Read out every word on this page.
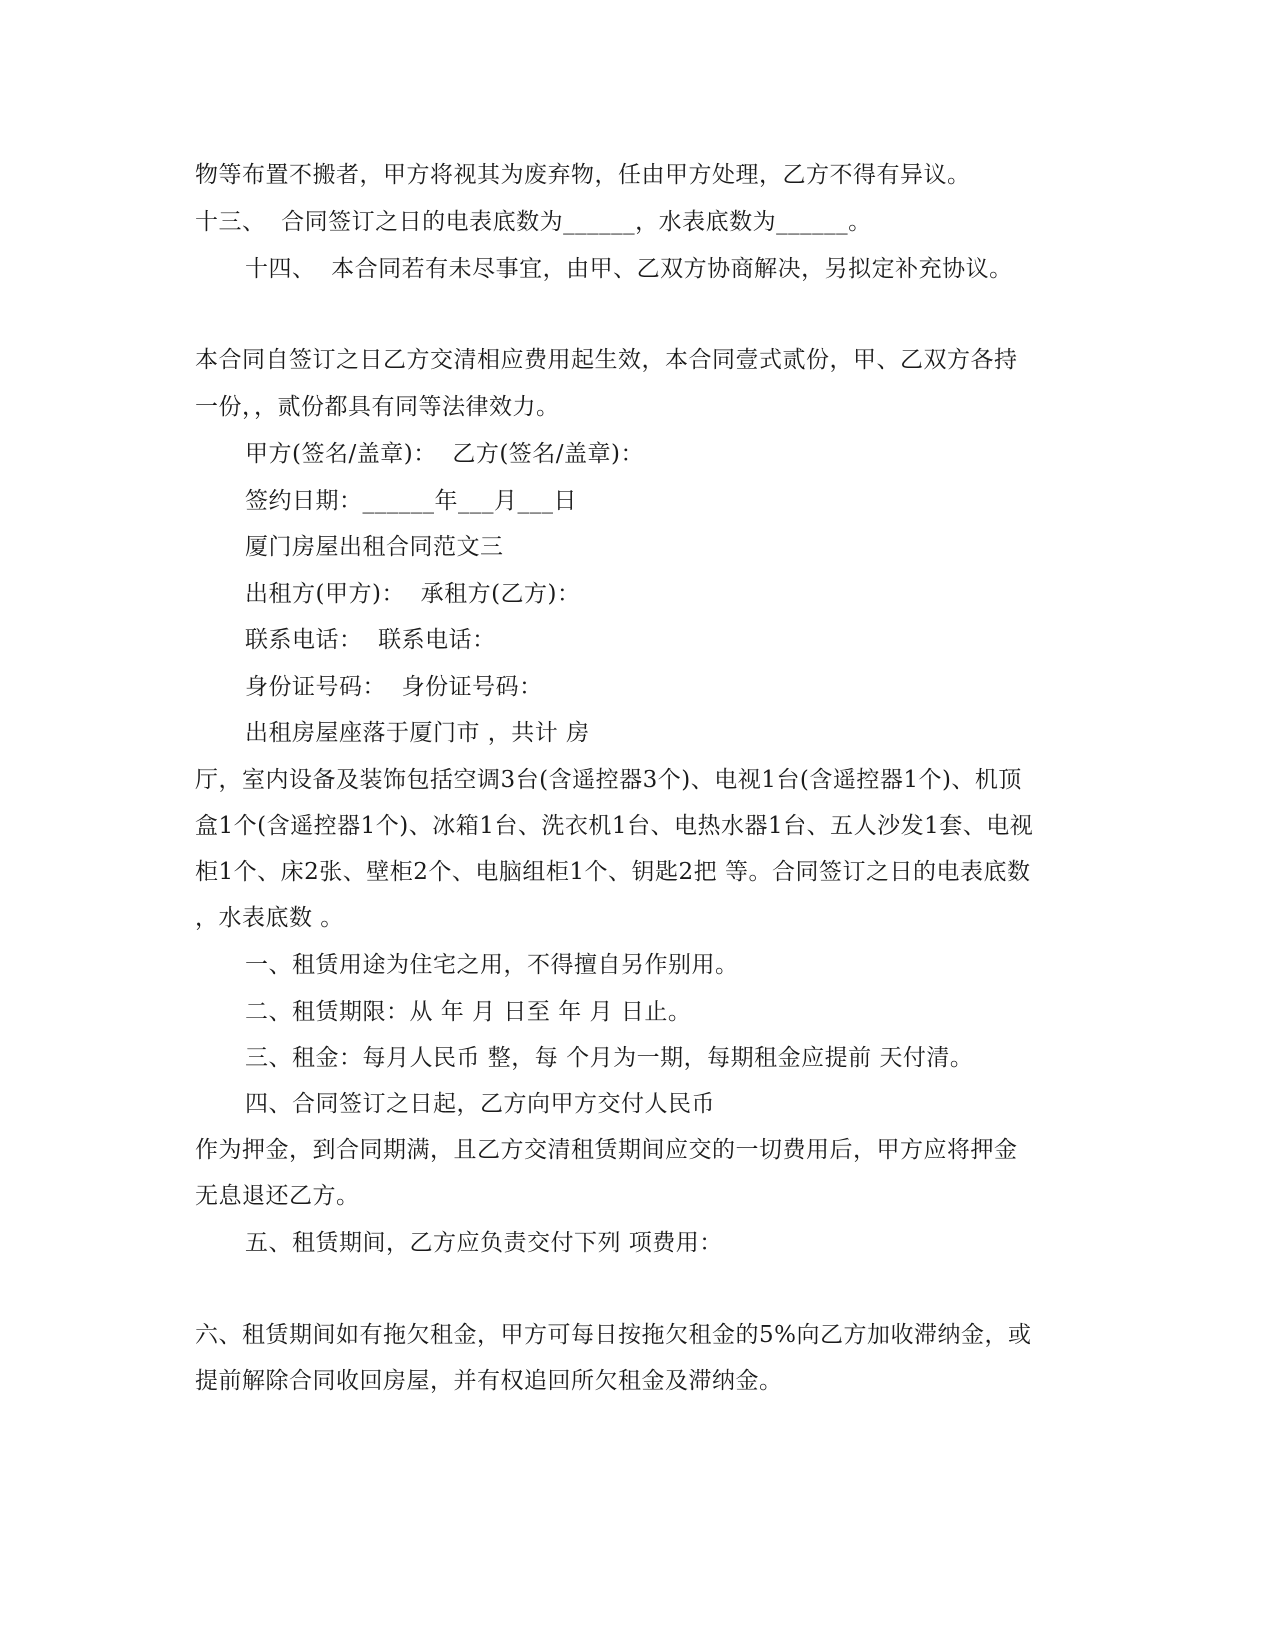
物等布置不搬者，甲方将视其为废弃物，任由甲方处理，乙方不得有异议。
十三、  合同签订之日的电表底数为______，水表底数为______。
十四、  本合同若有未尽事宜，由甲、乙双方协商解决，另拟定补充协议。
本合同自签订之日乙方交清相应费用起生效，本合同壹式贰份，甲、乙双方各持
一份，，贰份都具有同等法律效力。
甲方(签名/盖章)：  乙方(签名/盖章)：
签约日期：______年___月___日
厦门房屋出租合同范文三
出租方(甲方)：  承租方(乙方)：
联系电话：  联系电话：
身份证号码：  身份证号码：
出租房屋座落于厦门市 ，共计 房
厅，室内设备及装饰包括空调3台(含遥控器3个)、电视1台(含遥控器1个)、机顶
盒1个(含遥控器1个)、冰箱1台、洗衣机1台、电热水器1台、五人沙发1套、电视
柜1个、床2张、壁柜2个、电脑组柜1个、钥匙2把 等。合同签订之日的电表底数
，水表底数 。
一、租赁用途为住宅之用，不得擅自另作别用。
二、租赁期限：从 年 月 日至 年 月 日止。
三、租金：每月人民币 整，每 个月为一期，每期租金应提前 天付清。
四、合同签订之日起，乙方向甲方交付人民币
作为押金，到合同期满，且乙方交清租赁期间应交的一切费用后，甲方应将押金
无息退还乙方。
五、租赁期间，乙方应负责交付下列 项费用：
六、租赁期间如有拖欠租金，甲方可每日按拖欠租金的5%向乙方加收滞纳金，或
提前解除合同收回房屋，并有权追回所欠租金及滞纳金。
